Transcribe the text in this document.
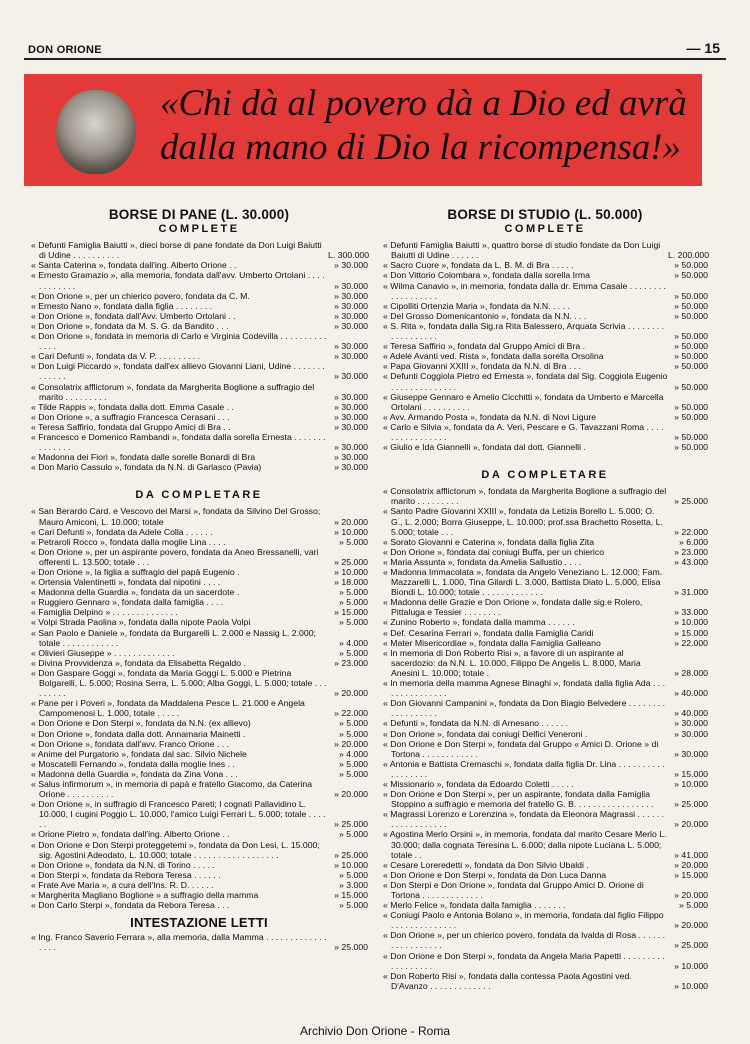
DON ORIONE	— 15
«Chi dà al povero dà a Dio ed avrà
dalla mano di Dio la ricompensa!»
BORSE DI PANE (L. 30.000)
COMPLETE
« Defunti Famiglia Baiutti », dieci borse di pane fondate da Don Luigi Baiutti di Udine . . . . . . . . . .	L. 300.000
« Santa Caterina », fondata dall'ing. Alberto Orione . .	» 30.000
« Ernesto Gramazio », alla memoria, fondata dall'avv. Umberto Ortolani . . . . . . . . . . . .	» 30.000
« Don Orione », per un chierico povero, fondata da C. M.	» 30.000
« Ernesto Nano », fondata dalla figlia . . . . . . . .	» 30.000
« Don Orione », fondata dall'Avv. Umberto Ortolani . .	» 30.000
« Don Orione », fondata da M. S. G. da Bandito . . .	» 30.000
« Don Orione », fondata in memoria di Carlo e Virginia Codevilla . . . . . . . . . . . . . .	» 30.000
« Cari Defunti », fondata da V. P. . . . . . . . . .	» 30.000
« Don Luigi Piccardo », fondata dall'ex allievo Giovanni Liani, Udine . . . . . . . . . . . . .	» 30.000
« Consolatrix afflictorum », fondata da Margherita Boglione a suffragio del marito . . . . . . . . .	» 30.000
« Tilde Rappis », fondata dalla dott. Emma Casale . .	» 30.000
« Don Orione », a suffragio Francesca Cerasani . . .	» 30.000
« Teresa Saffirio, fondata dal Gruppo Amici di Bra . .	» 30.000
« Francesco e Domenico Rambandi », fondata dalla sorella Ernesta . . . . . . . . . . . . . .	» 30.000
« Madonna dei Fiori », fondata dalle sorelle Bonardi di Bra	» 30.000
« Don Mario Cassulo », fondata da N.N. di Garlasco (Pavia)	» 30.000
DA COMPLETARE
« San Berardo Card. e Vescovo dei Marsi », fondata da Silvino Del Grosso; Mauro Amiconi, L. 10.000; totale	» 20.000
« Cari Defunti », fondata da Adele Colla . . . . . .	» 10.000
« Petraroli Rocco », fondata dalla moglie Lina . . . .	» 5.000
« Don Orione », per un aspirante povero, fondata da Aneo Bressanelli, vari offerenti L. 13.500; totale . . .	» 25.000
« Don Orione », la figlia a suffragio del papà Eugenio .	» 10.000
« Ortensia Valentinetti », fondata dal nipotini . . . .	» 18.000
« Madonna della Guardia », fondata da un sacerdote .	» 5.000
« Ruggiero Gennaro », fondata dalla famiglia . . . .	» 5.000
« Famiglia Delpino » . . . . . . . . . . . . . .	» 15.000
« Volpi Strada Paolina », fondata dalla nipote Paola Volpi	» 5.000
« San Paolo e Daniele », fondata da Burgarelli L. 2.000 e Nassig L. 2.000; totale . . . . . . . . . . . .	» 4.000
« Olivieri Giuseppe » . . . . . . . . . . . . .	» 5.000
« Divina Provvidenza », fondata da Elisabetta Regaldo .	» 23.000
« Don Gaspare Goggi », fondata da Maria Goggi L. 5.000 e Pietrina Bolgarelli, L. 5.000; Rosina Serra, L. 5.000; Alba Goggi, L. 5.000; totale . . . . . . . . .	» 20.000
« Pane per i Poveri », fondata da Maddalena Pesce L. 21.000 e Angela Campomenosi L. 1.000, totale . . . . .	» 22.000
« Don Orione e Don Sterpi », fondata da N.N. (ex allievo)	» 5.000
« Don Orione », fondata dalla dott. Annamaria Mainetti .	» 5.000
« Don Orione », fondata dall'avv. Franco Orione . . .	» 20.000
« Anime del Purgatorio », fondata dal sac. Silvio Nichele	» 4.000
« Moscatelli Fernando », fondata dalla moglie Ines . .	» 5.000
« Madonna della Guardia », fondata da Zina Vona . . .	» 5.000
« Salus infirmorum », in memoria di papà e fratello Giacomo, da Caterina Orione . . . . . . . . . .	» 20.000
« Don Orione », in suffragio di Francesco Pareti; I cognati Pallavidino L. 10.000, I cugini Poggio L. 10.000, l'amico Luigi Ferrari L. 5.000; totale . . . . . .	» 25.000
« Orione Pietro », fondata dall'ing. Alberto Orione . .	» 5.000
« Don Orione e Don Sterpi proteggetemi », fondata da Don Lesi, L. 15.000; sig. Agostini Adeodato, L. 10.000; totale . . . . . . . . . . . . . . . . . .	» 25.000
« Don Orione », fondata da N.N. di Torino . . . . .	» 10.000
« Don Sterpi », fondata da Rebora Teresa . . . . . .	» 5.000
« Frate Ave Maria », a cura dell'Ins. R. D. . . . . .	» 3.000
« Margherita Magliano Boglione » a suffragio della mamma	» 15.000
« Don Carlo Sterpi », fondata da Rebora Teresa . . .	» 5.000
INTESTAZIONE LETTI
« Ing. Franco Saverio Ferrara », alla memoria, dalla Mamma . . . . . . . . . . . . . . . . .	» 25.000
BORSE DI STUDIO (L. 50.000)
COMPLETE
« Defunti Famiglia Baiutti », quattro borse di studio fondate da Don Luigi Baiutti di Udine . . . . . .	L. 200.000
« Sacro Cuore », fondata da L. B. M. di Bra . . . . .	» 50.000
« Don Vittorio Colombara », fondata dalla sorella Irma	» 50.000
« Wilma Canavio », in memoria, fondata dalla dr. Emma Casale . . . . . . . . . . . . . . . . . .	» 50.000
« Cipolliti Ortenzia Maria », fondata da N.N. . . . .	» 50.000
« Del Grosso Domenicantonio », fondata da N.N. . . .	» 50.000
« S. Rita », fondata dalla Sig.ra Rita Balessero, Arquata Scrivia . . . . . . . . . . . . . . . . . .	» 50.000
« Teresa Saffirio », fondata dal Gruppo Amici di Bra .	» 50.000
« Adele Avanti ved. Rista », fondata dalla sorella Orsolina	» 50.000
« Papa Giovanni XXIII », fondata da N.N. di Bra . . .	» 50.000
« Defunti Coggiola Pietro ed Ernesta », fondata dal Sig. Coggiola Eugenio . . . . . . . . . . . . . .	» 50.000
« Giuseppe Gennaro e Amelio Cicchitti », fondata da Umberto e Marcella Ortolani . . . . . . . . . .	» 50.000
« Avv. Armando Posta », fondata da N.N. di Novi Ligure	» 50.000
« Carlo e Silvia », fondata da A. Veri, Pescare e G. Tavazzani Roma . . . . . . . . . . . . . . . .	» 50.000
« Giulio e Ida Giannelli », fondata dal dott. Giannelli .	» 50.000
DA COMPLETARE
« Consolatrix afflictorum », fondata da Margherita Boglione a suffragio del marito . . . . . . . . .	» 25.000
« Santo Padre Giovanni XXIII », fondata da Letizia Borello L. 5.000; O. G., L. 2.000; Borra Giuseppe, L. 10.000; prof.ssa Brachetto Rosetta, L. 5.000; totale . . .	» 22.000
« Sorato Giovanni e Caterina », fondata dalla figlia Zita	» 6.000
« Don Orione », fondata dai coniugi Buffa, per un chierico	» 23.000
« Maria Assunta », fondata da Amelia Sallustio . . . .	» 43.000
« Madonna Immacolata », fondata da Angelo Veneziano L. 12.000; Fam. Mazzarelli L. 1.000, Tina Gilardi L. 3.000, Battista Diato L. 5.000, Elisa Biondi L. 10.000; totale . . . . . . . . . . . . .	» 31.000
« Madonna delle Grazie e Don Orione », fondata dalle sig.e Rolero, Pittaluga e Tessier . . . . . . . .	» 33.000
« Zunino Roberto », fondata dalla mamma . . . . . .	» 10.000
« Def. Cesarina Ferrari », fondata dalla Famiglia Caridi	» 15.000
« Mater Misericordiae », fondata dalla Famiglia Galleano	» 22.000
« In memoria di Don Roberto Risi », a favore di un aspirante al sacerdozio: da N.N. L. 10.000, Filippo De Angelis L. 8.000, Maria Anesini L. 10.000; totale .	» 28.000
« In memoria della mamma Agnese Binaghi », fondata dalla figlia Ada . . . . . . . . . . . . . . .	» 40.000
« Don Giovanni Campanini », fondata da Don Biagio Belvedere . . . . . . . . . . . . . . . . . .	» 40.000
« Defunti », fondata da N.N. di Arnesano . . . . . .	» 30.000
« Don Orione », fondata dai coniugi Delfici Veneroni .	» 30.000
« Don Orione e Don Sterpi », fondata dal Gruppo « Amici D. Orione » di Tortona . . . . . . . . . . . .	» 30.000
« Antonia e Battista Cremaschi », fondata dalla figlia Dr. Lina . . . . . . . . . . . . . . . . . .	» 15.000
« Missionario », fondata da Edoardo Coletti . . . . .	» 10.000
« Don Orione e Don Sterpi », per un aspirante, fondata dalla Famiglia Stoppino a suffragio e memoria del fratello G. B. . . . . . . . . . . . . . . . .	» 25.000
« Magrassi Lorenzo e Lorenzina », fondata da Eleonora Magrassi . . . . . . . . . . . . . . . . . .	» 20.000
« Agostina Merlo Orsini », in memoria, fondata dal marito Cesare Merlo L. 30.000; dalla cognata Teresina L. 6.000; dalla nipote Luciana L. 5.000; totale . .	» 41.000
« Cesare Loreredetti », fondata da Don Silvio Ubaldi .	» 20.000
« Don Orione e Don Sterpi », fondata da Don Luca Danna	» 15.000
« Don Sterpi e Don Orione », fondata dal Gruppo Amici D. Orione di Tortona . . . . . . . . . . . . .	» 20.000
« Merlo Felice », fondata dalla famiglia . . . . . . .	» 5.000
« Coniugi Paolo e Antonia Bolano », in memoria, fondata dal figlio Filippo . . . . . . . . . . . . . .	» 20.000
« Don Orione », per un chierico povero, fondata da Ivalda di Rosa . . . . . . . . . . . . . . . . .	» 25.000
« Don Orione e Don Sterpi », fondata da Angela Maria Papetti . . . . . . . . . . . . . . . . . .	» 10.000
« Don Roberto Risi », fondata dalla contessa Paola Agostini ved. D'Avanzo . . . . . . . . . . . . .	» 10.000
Archivio Don Orione - Roma
